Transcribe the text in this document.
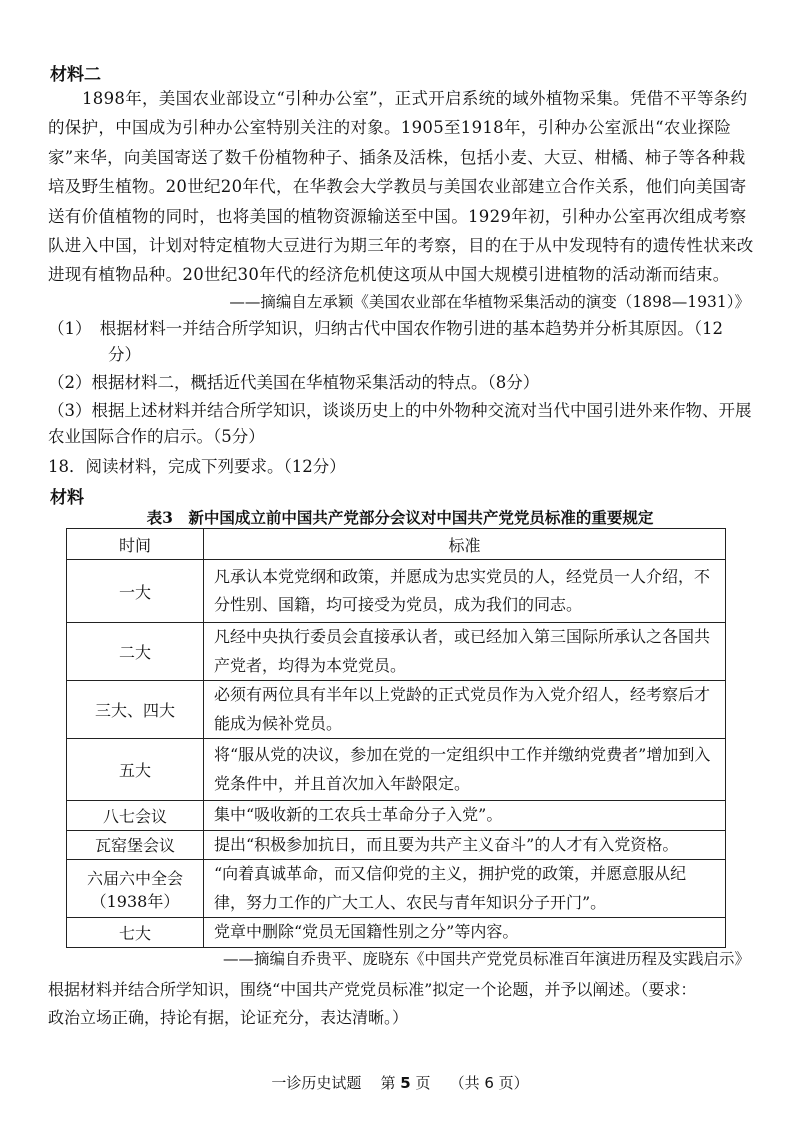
材料二
1898年，美国农业部设立“引种办公室”，正式开启系统的域外植物采集。凭借不平等条约的保护，中国成为引种办公室特别关注的对象。1905至1918年，引种办公室派出“农业探险家”来华，向美国寄送了数千份植物种子、插条及活株，包括小麦、大豆、柑橘、柿子等各种栽培及野生植物。20世纪20年代，在华教会大学教员与美国农业部建立合作关系，他们向美国寄送有价值植物的同时，也将美国的植物资源输送至中国。1929年初，引种办公室再次组成考察队进入中国，计划对特定植物大豆进行为期三年的考察，目的在于从中发现特有的遗传性状来改进现有植物品种。20世纪30年代的经济危机使这项从中国大规模引进植物的活动渐而结束。
——摘编自左承颖《美国农业部在华植物采集活动的演变（1898—1931）》
（1）　根据材料一并结合所学知识，归纳古代中国农作物引进的基本趋势并分析其原因。（12
分）
（2）根据材料二，概括近代美国在华植物采集活动的特点。（8分）
（3）根据上述材料并结合所学知识，谈谈历史上的中外物种交流对当代中国引进外来作物、开展
农业国际合作的启示。（5分）
18．阅读材料，完成下列要求。（12分）
材料
表3　新中国成立前中国共产党部分会议对中国共产党党员标准的重要规定
时间	标准
一大	凡承认本党党纲和政策，并愿成为忠实党员的人，经党员一人介绍，不分性别、国籍，均可接受为党员，成为我们的同志。
二大	凡经中央执行委员会直接承认者，或已经加入第三国际所承认之各国共产党者，均得为本党党员。
三大、四大	必须有两位具有半年以上党龄的正式党员作为入党介绍人，经考察后才能成为候补党员。
五大	将“服从党的决议，参加在党的一定组织中工作并缴纳党费者”增加到入党条件中，并且首次加入年龄限定。
八七会议	集中“吸收新的工农兵士革命分子入党”。
瓦窑堡会议	提出“积极参加抗日，而且要为共产主义奋斗”的人才有入党资格。

六届六中全会
（1938年）	“向着真诚革命，而又信仰党的主义，拥护党的政策，并愿意服从纪律，努力工作的广大工人、农民与青年知识分子开门”。
七大	党章中删除“党员无国籍性别之分”等内容。
——摘编自乔贵平、庞晓东《中国共产党党员标准百年演进历程及实践启示》
根据材料并结合所学知识，围绕“中国共产党党员标准”拟定一个论题，并予以阐述。（要求：
政治立场正确，持论有据，论证充分，表达清晰。）
一诊历史试题 第 5 页 （共 6 页）
